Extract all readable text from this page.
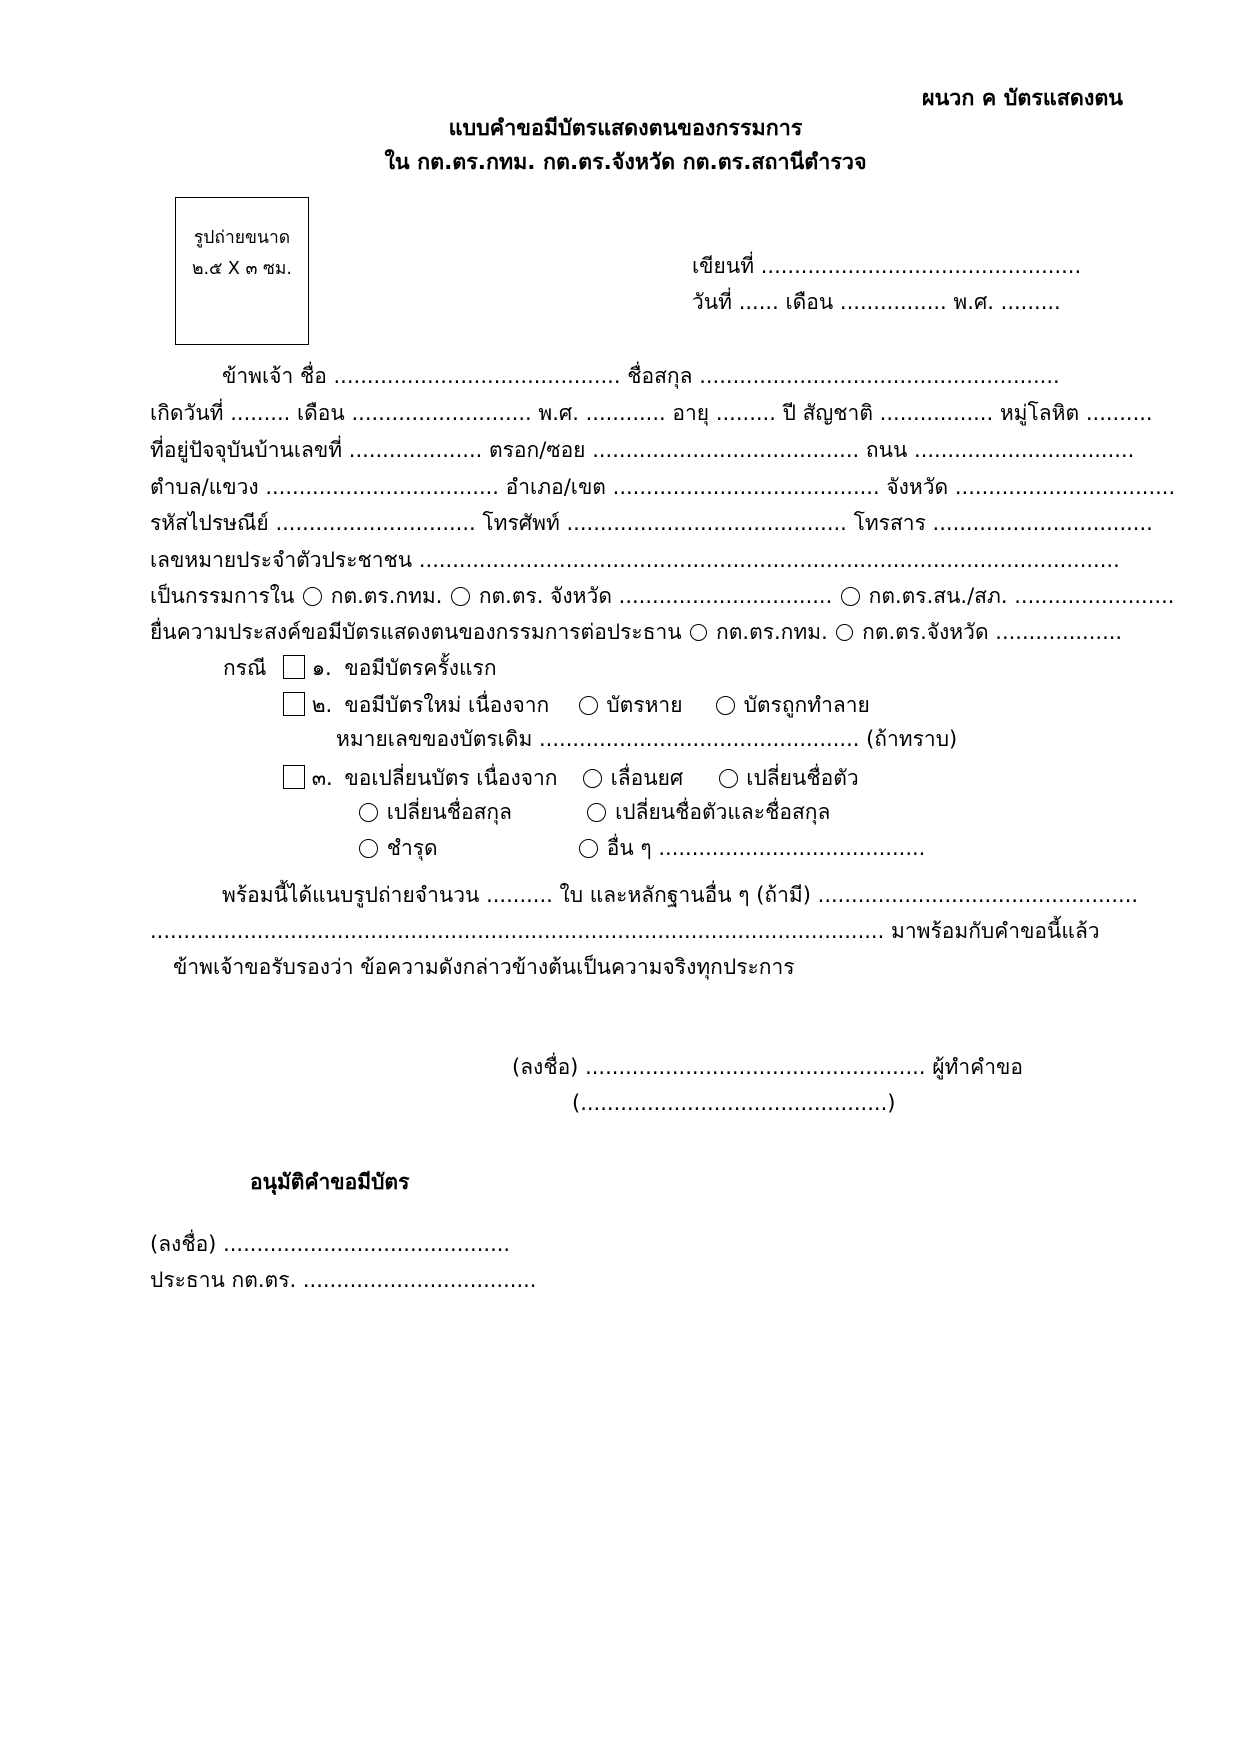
ผนวก ค บัตรแสดงตน
แบบคำขอมีบัตรแสดงตนของกรรมการ
ใน กต.ตร.กทม. กต.ตร.จังหวัด กต.ตร.สถานีตำรวจ
รูปถ่ายขนาด
๒.๕ X ๓ ซม.	เขียนที่ ................................................
วันที่ ...... เดือน ................ พ.ศ. .........
ข้าพเจ้า ชื่อ ........................................... ชื่อสกุล ......................................................
เกิดวันที่ ......... เดือน ........................... พ.ศ. ............ อายุ ......... ปี สัญชาติ ................. หมู่โลหิต ..........
ที่อยู่ปัจจุบันบ้านเลขที่ .................... ตรอก/ซอย ........................................ ถนน .................................
ตำบล/แขวง ................................... อำเภอ/เขต ........................................ จังหวัด .................................
รหัสไปรษณีย์ .............................. โทรศัพท์ .......................................... โทรสาร .................................
เลขหมายประจำตัวประชาชน .........................................................................................................
เป็นกรรมการใน กต.ตร.กทม. กต.ตร. จังหวัด ................................ กต.ตร.สน./สภ. ........................
ยื่นความประสงค์ขอมีบัตรแสดงตนของกรรมการต่อประธาน กต.ตร.กทม. กต.ตร.จังหวัด ...................
กรณี	๑. ขอมีบัตรครั้งแรก
๒. ขอมีบัตรใหม่ เนื่องจาก	บัตรหาย	บัตรถูกทำลาย
หมายเลขของบัตรเดิม ................................................ (ถ้าทราบ)
๓. ขอเปลี่ยนบัตร เนื่องจาก	เลื่อนยศ	เปลี่ยนชื่อตัว
เปลี่ยนชื่อสกุล	เปลี่ยนชื่อตัวและชื่อสกุล
ชำรุด	อื่น ๆ ........................................
พร้อมนี้ได้แนบรูปถ่ายจำนวน .......... ใบ และหลักฐานอื่น ๆ (ถ้ามี) ................................................
.............................................................................................................. มาพร้อมกับคำขอนี้แล้ว
ข้าพเจ้าขอรับรองว่า ข้อความดังกล่าวข้างต้นเป็นความจริงทุกประการ
(ลงชื่อ) ................................................... ผู้ทำคำขอ
(..............................................)
อนุมัติคำขอมีบัตร
(ลงชื่อ) ...........................................
ประธาน กต.ตร. ...................................
